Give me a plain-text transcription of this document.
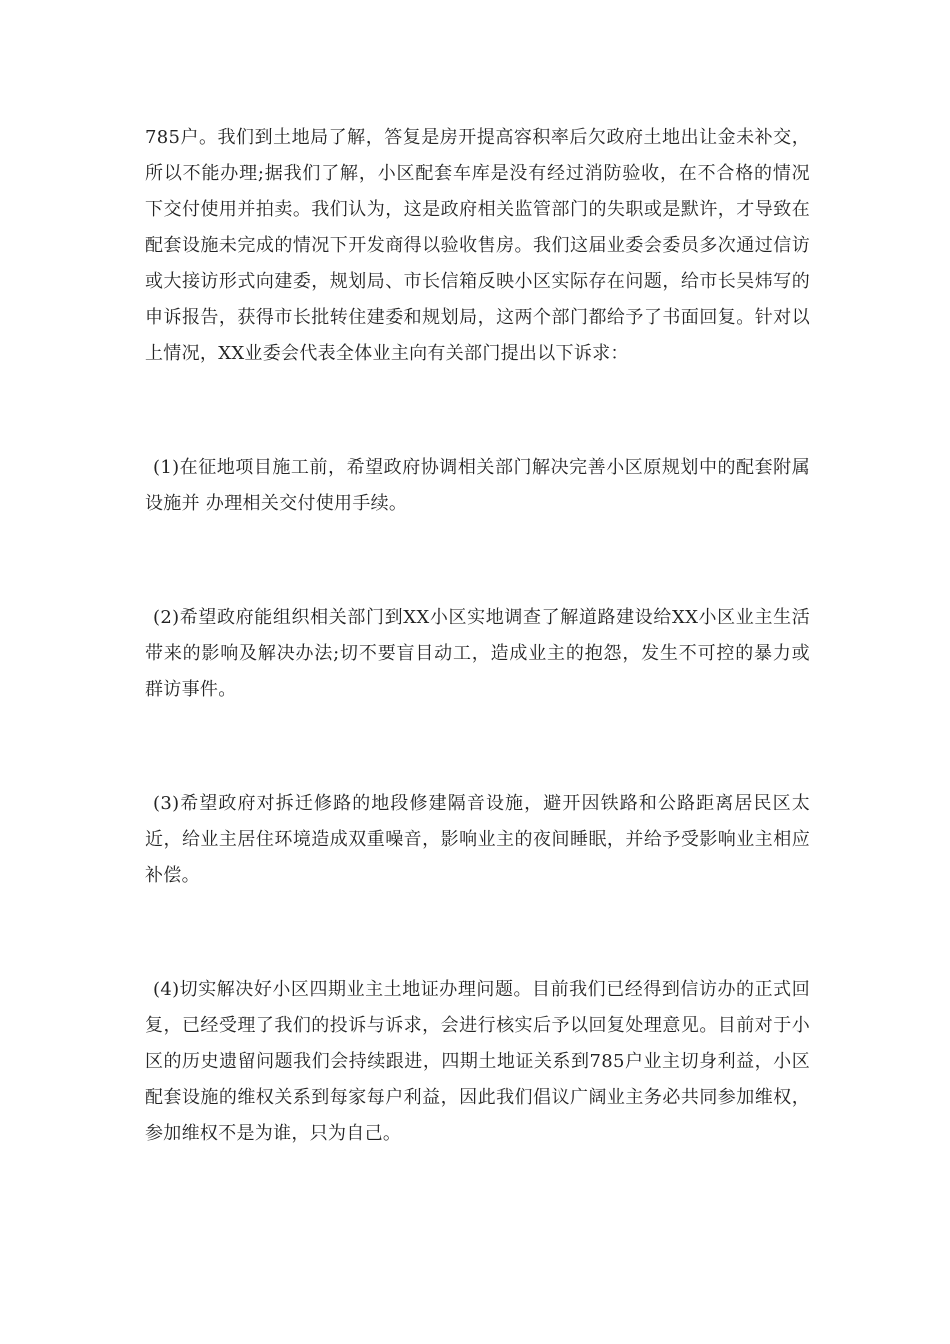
785户。我们到土地局了解，答复是房开提高容积率后欠政府土地出让金未补交，所以不能办理;据我们了解，小区配套车库是没有经过消防验收，在不合格的情况下交付使用并拍卖。我们认为，这是政府相关监管部门的失职或是默许，才导致在配套设施未完成的情况下开发商得以验收售房。我们这届业委会委员多次通过信访或大接访形式向建委，规划局、市长信箱反映小区实际存在问题，给市长吴炜写的申诉报告，获得市长批转住建委和规划局，这两个部门都给予了书面回复。针对以上情况，XX业委会代表全体业主向有关部门提出以下诉求：

(1)在征地项目施工前，希望政府协调相关部门解决完善小区原规划中的配套附属设施并 办理相关交付使用手续。

(2)希望政府能组织相关部门到XX小区实地调查了解道路建设给XX小区业主生活带来的影响及解决办法;切不要盲目动工，造成业主的抱怨，发生不可控的暴力或群访事件。

(3)希望政府对拆迁修路的地段修建隔音设施，避开因铁路和公路距离居民区太近，给业主居住环境造成双重噪音，影响业主的夜间睡眠，并给予受影响业主相应补偿。

(4)切实解决好小区四期业主土地证办理问题。目前我们已经得到信访办的正式回复，已经受理了我们的投诉与诉求，会进行核实后予以回复处理意见。目前对于小区的历史遗留问题我们会持续跟进，四期土地证关系到785户业主切身利益，小区配套设施的维权关系到每家每户利益，因此我们倡议广阔业主务必共同参加维权，参加维权不是为谁，只为自己。
